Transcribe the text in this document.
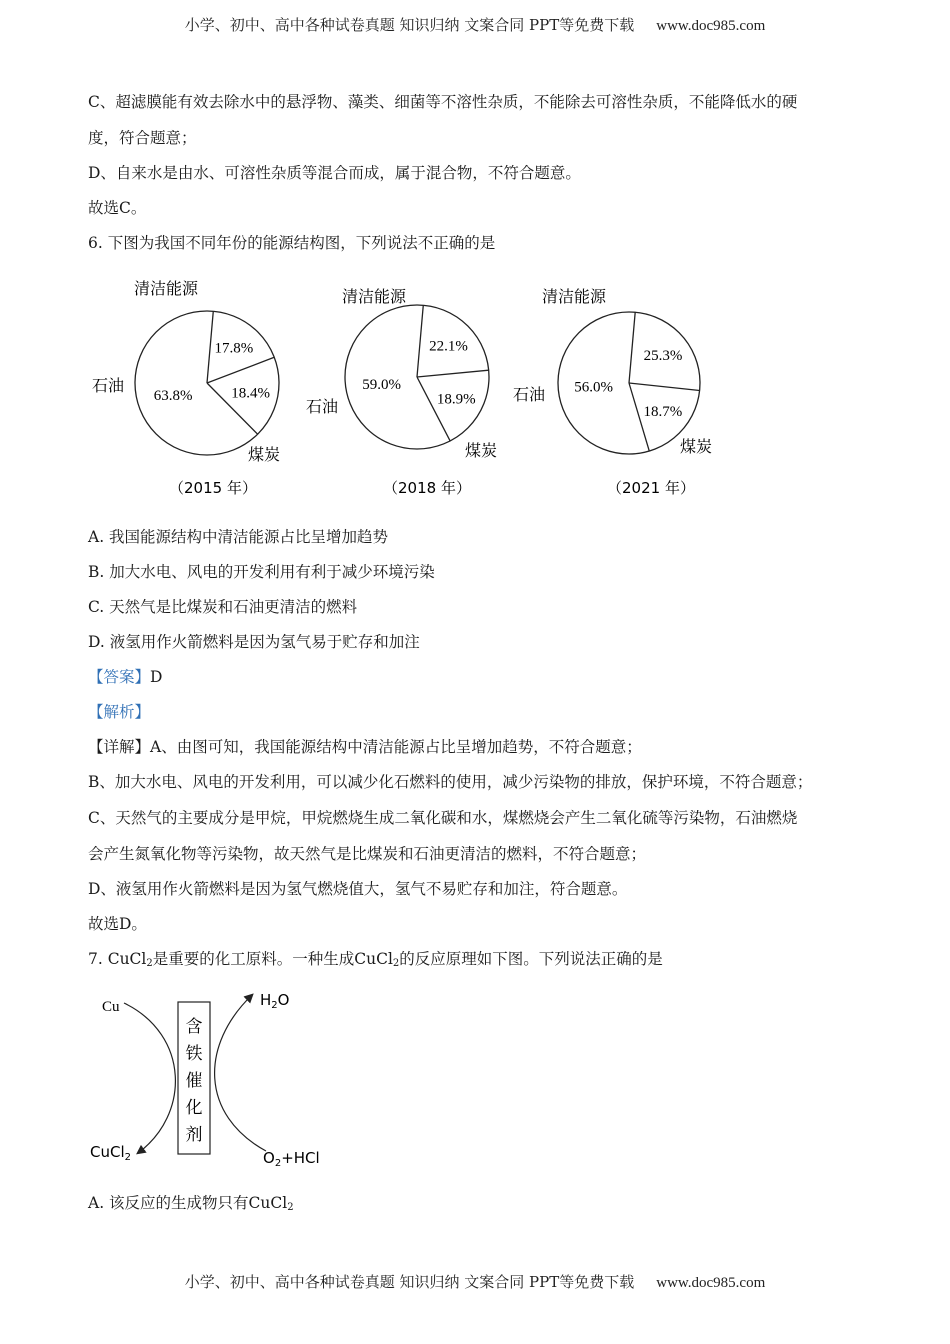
小学、初中、高中各种试卷真题 知识归纳 文案合同 PPT等免费下载 www.doc985.com
C、超滤膜能有效去除水中的悬浮物、藻类、细菌等不溶性杂质，不能除去可溶性杂质，不能降低水的硬
度，符合题意；
D、自来水是由水、可溶性杂质等混合而成，属于混合物，不符合题意。
故选C。
6. 下图为我国不同年份的能源结构图，下列说法不正确的是
17.8%
18.4%
63.8%
清洁能源
石油
煤炭
（2015 年）
22.1%
18.9%
59.0%
清洁能源
石油
煤炭
（2018 年）
25.3%
18.7%
56.0%
清洁能源
石油
煤炭
（2021 年）
A. 我国能源结构中清洁能源占比呈增加趋势
B. 加大水电、风电的开发利用有利于减少环境污染
C. 天然气是比煤炭和石油更清洁的燃料
D. 液氢用作火箭燃料是因为氢气易于贮存和加注
【答案】D
【解析】
【详解】A、由图可知，我国能源结构中清洁能源占比呈增加趋势，不符合题意；
B、加大水电、风电的开发利用，可以减少化石燃料的使用，减少污染物的排放，保护环境，不符合题意；
C、天然气的主要成分是甲烷，甲烷燃烧生成二氧化碳和水，煤燃烧会产生二氧化硫等污染物，石油燃烧
会产生氮氧化物等污染物，故天然气是比煤炭和石油更清洁的燃料，不符合题意；
D、液氢用作火箭燃料是因为氢气燃烧值大，氢气不易贮存和加注，符合题意。
故选D。
7. CuCl$_2$是重要的化工原料。一种生成CuCl$_2$的反应原理如下图。下列说法正确的是
Cu	$H_2O$
CuCl$_2$	$O_2+HCl$
含
铁
催
化
剂
A. 该反应的生成物只有CuCl$_2$
小学、初中、高中各种试卷真题 知识归纳 文案合同 PPT等免费下载 www.doc985.com
